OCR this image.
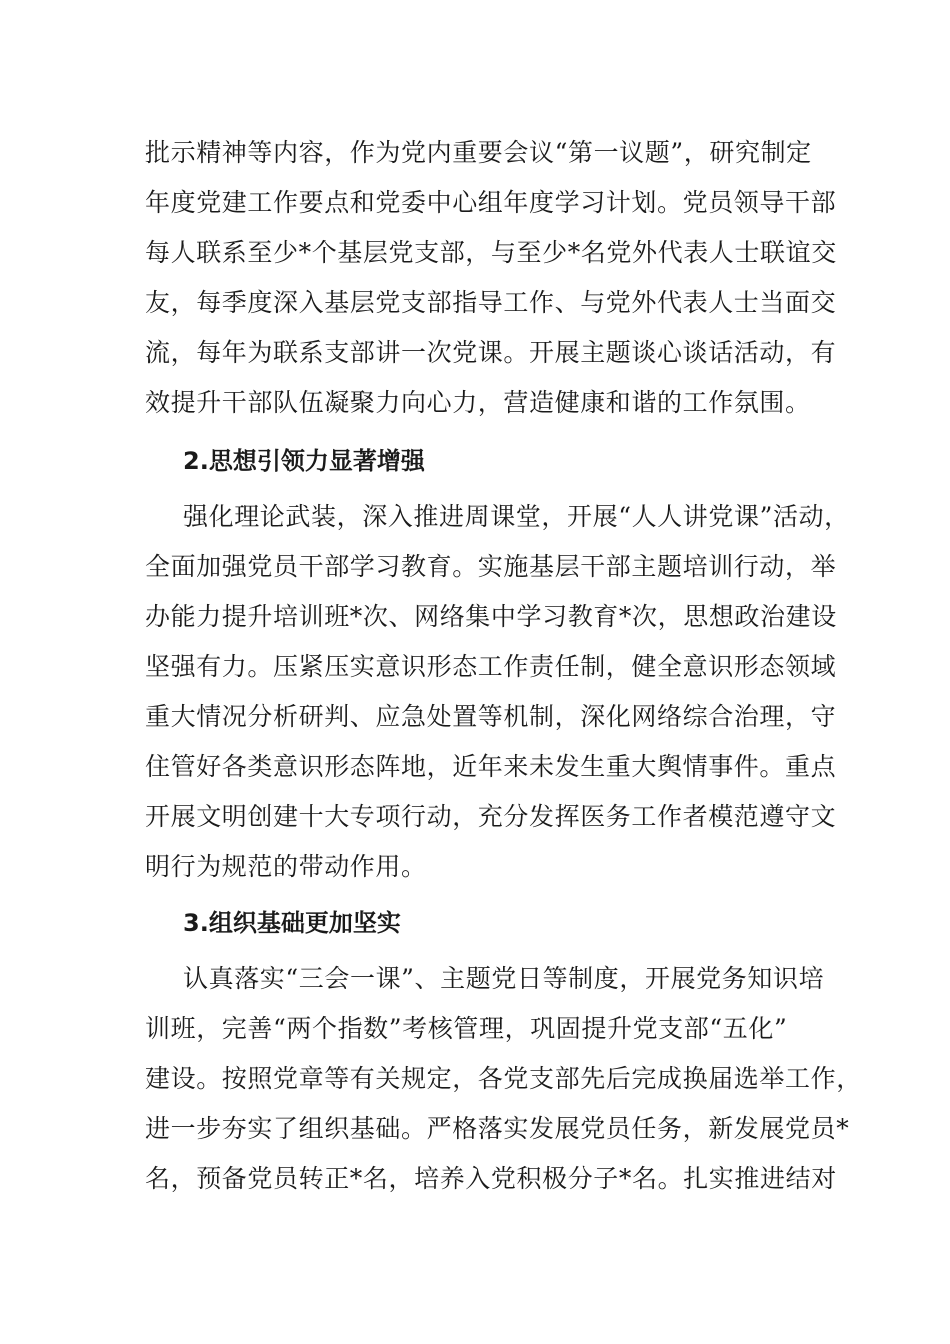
批示精神等内容，作为党内重要会议“第一议题”，研究制定
年度党建工作要点和党委中心组年度学习计划。党员领导干部
每人联系至少*个基层党支部，与至少*名党外代表人士联谊交
友，每季度深入基层党支部指导工作、与党外代表人士当面交
流，每年为联系支部讲一次党课。开展主题谈心谈话活动，有
效提升干部队伍凝聚力向心力，营造健康和谐的工作氛围。
2.思想引领力显著增强
强化理论武装，深入推进周课堂，开展“人人讲党课”活动，
全面加强党员干部学习教育。实施基层干部主题培训行动，举
办能力提升培训班*次、网络集中学习教育*次，思想政治建设
坚强有力。压紧压实意识形态工作责任制，健全意识形态领域
重大情况分析研判、应急处置等机制，深化网络综合治理，守
住管好各类意识形态阵地，近年来未发生重大舆情事件。重点
开展文明创建十大专项行动，充分发挥医务工作者模范遵守文
明行为规范的带动作用。
3.组织基础更加坚实
认真落实“三会一课”、主题党日等制度，开展党务知识培
训班，完善“两个指数”考核管理，巩固提升党支部“五化”
建设。按照党章等有关规定，各党支部先后完成换届选举工作，
进一步夯实了组织基础。严格落实发展党员任务，新发展党员*
名，预备党员转正*名，培养入党积极分子*名。扎实推进结对
